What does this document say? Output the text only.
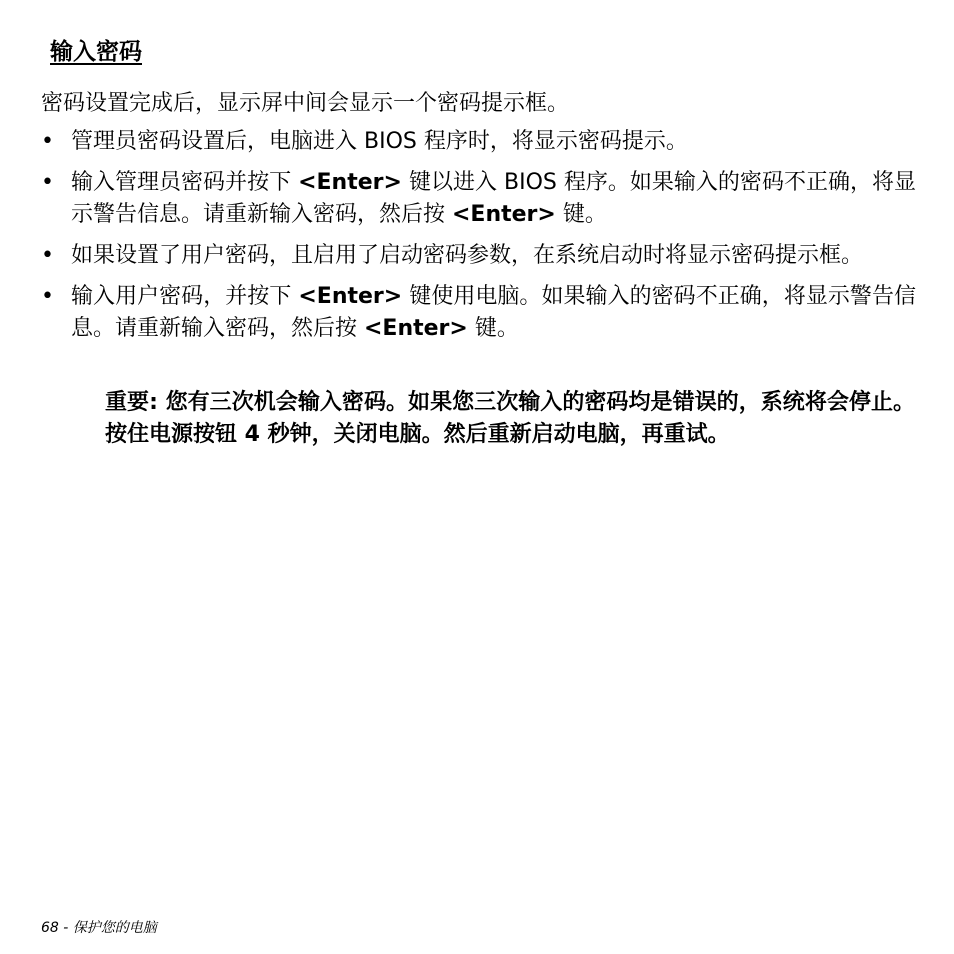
输入密码
密码设置完成后，显示屏中间会显示一个密码提示框。
• 管理员密码设置后，电脑进入 BIOS 程序时，将显示密码提示。
• 输入管理员密码并按下 <Enter> 键以进入 BIOS 程序。如果输入的密码不正确，将显示警告信息。请重新输入密码，然后按 <Enter> 键。
• 如果设置了用户密码，且启用了启动密码参数，在系统启动时将显示密码提示框。
• 输入用户密码，并按下 <Enter> 键使用电脑。如果输入的密码不正确，将显示警告信息。请重新输入密码，然后按 <Enter> 键。
重要: 您有三次机会输入密码。如果您三次输入的密码均是错误的，系统将会停止。按住电源按钮 4 秒钟，关闭电脑。然后重新启动电脑，再重试。
68 - 保护您的电脑
